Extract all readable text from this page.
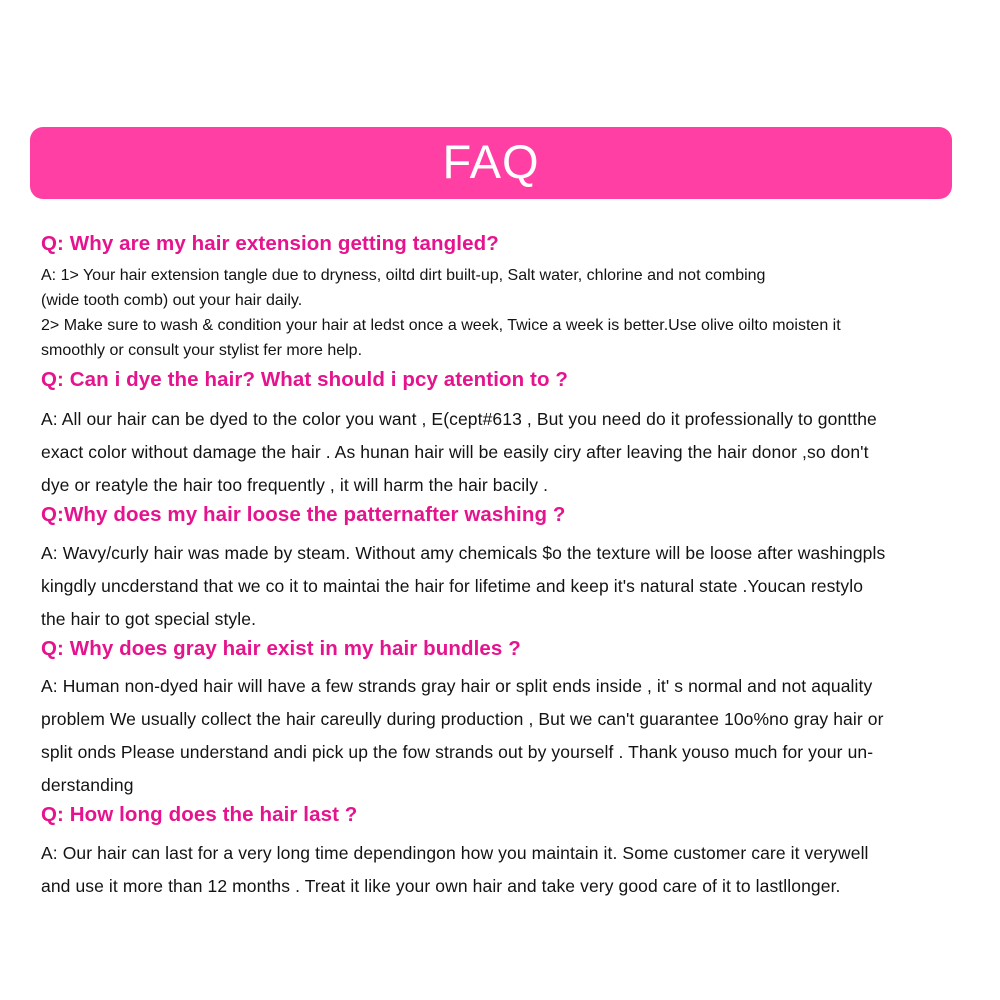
FAQ
Q: Why are my hair extension getting tangled?
A: 1> Your hair extension tangle due to dryness, oiltd dirt built-up, Salt water, chlorine and not combing
(wide tooth comb) out your hair daily.
2> Make sure to wash & condition your hair at ledst once a week, Twice a week is better.Use olive oilto moisten it
smoothly or consult your stylist fer more help.
Q: Can i dye the hair? What should i pcy atention to ?
A: All our hair can be dyed to the color you want , E(cept#613 , But you need do it professionally to gontthe
exact color without damage the hair . As hunan hair will be easily ciry after leaving the hair donor ,so don't
dye or reatyle the hair too frequently , it will harm the hair bacily .
Q:Why does my hair loose the patternafter washing ?
A: Wavy/curly hair was made by steam. Without amy chemicals $o the texture will be loose after washingpls
kingdly uncderstand that we co it to maintai the hair for lifetime and keep it's natural state .Youcan restylo
the hair to got special style.
Q: Why does gray hair exist in my hair bundles ?
A: Human non-dyed hair will have a few strands gray hair or split ends inside , it' s normal and not aquality
problem We usually collect the hair careully during production , But we can't guarantee 10o%no gray hair or
split onds Please understand andi pick up the fow strands out by yourself . Thank youso much for your un-
derstanding
Q: How long does the hair last ?
A: Our hair can last for a very long time dependingon how you maintain it. Some customer care it verywell
and use it more than 12 months . Treat it like your own hair and take very good care of it to lastllonger.
